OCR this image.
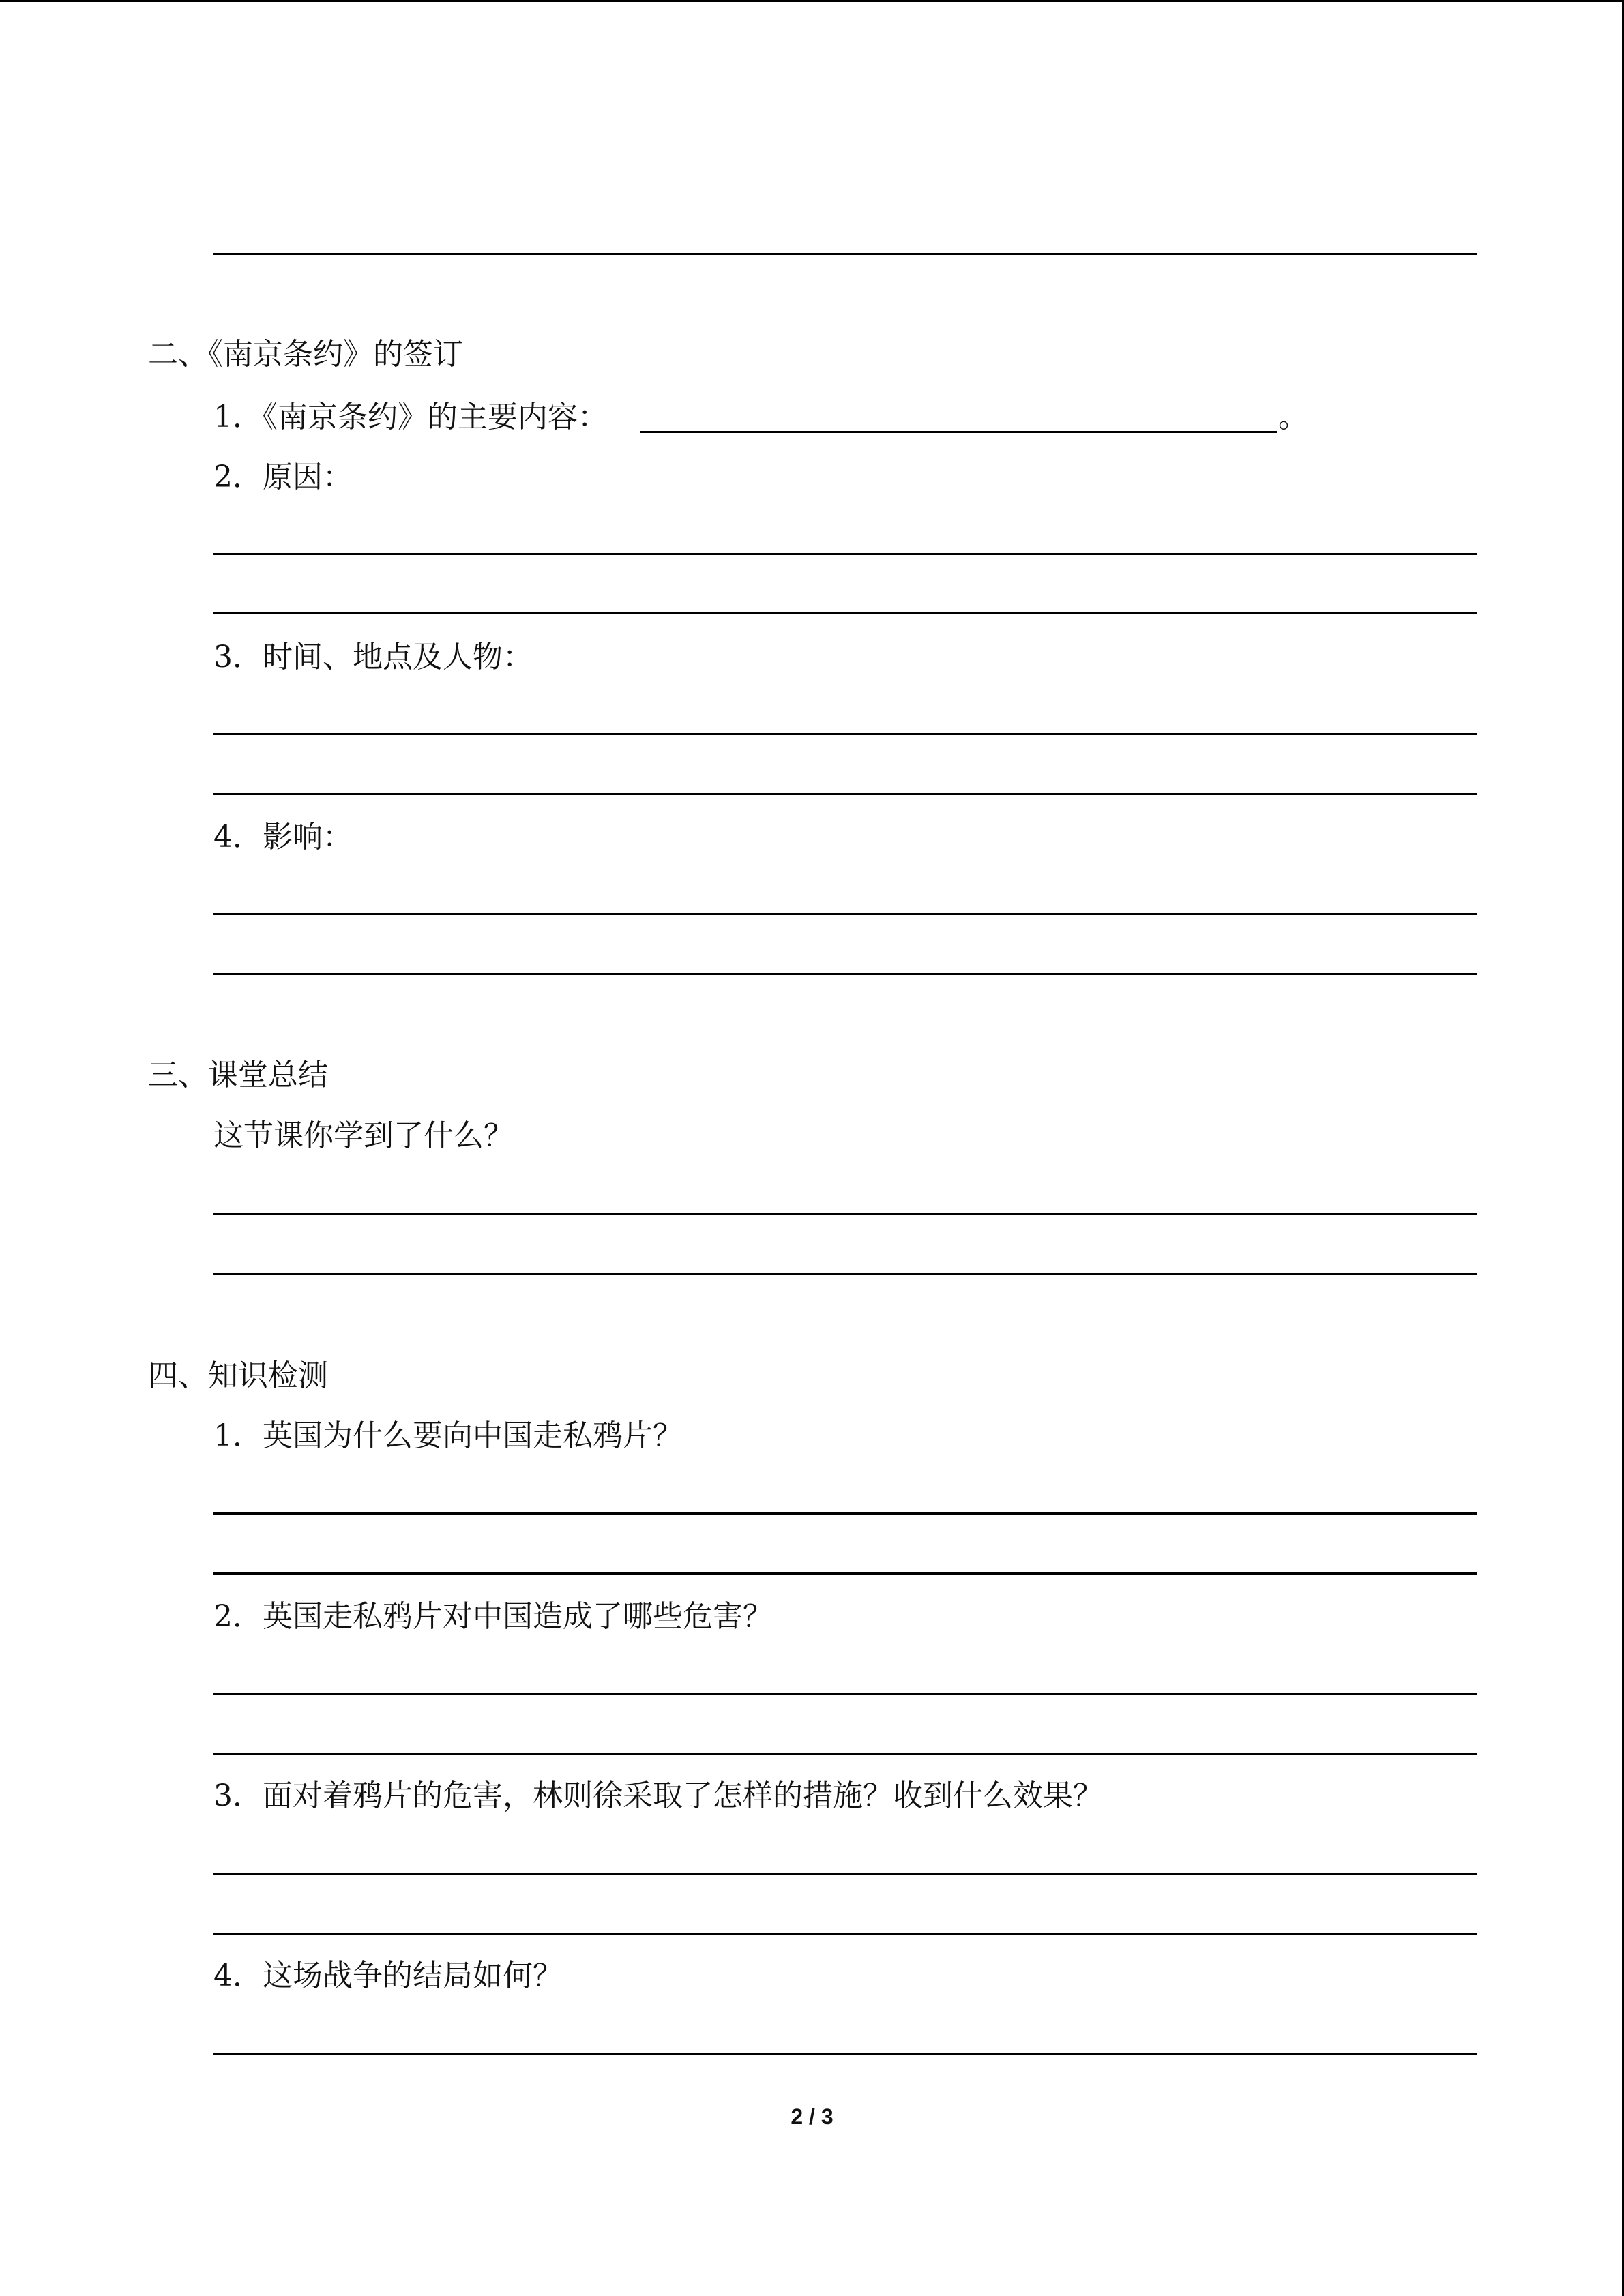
二、《南京条约》的签订
1．《南京条约》的主要内容：	。
2．原因：
3．时间、地点及人物：
4．影响：
三、课堂总结
这节课你学到了什么？
四、知识检测
1．英国为什么要向中国走私鸦片？
2．英国走私鸦片对中国造成了哪些危害？
3．面对着鸦片的危害，林则徐采取了怎样的措施？收到什么效果？
4．这场战争的结局如何？
2 / 3
